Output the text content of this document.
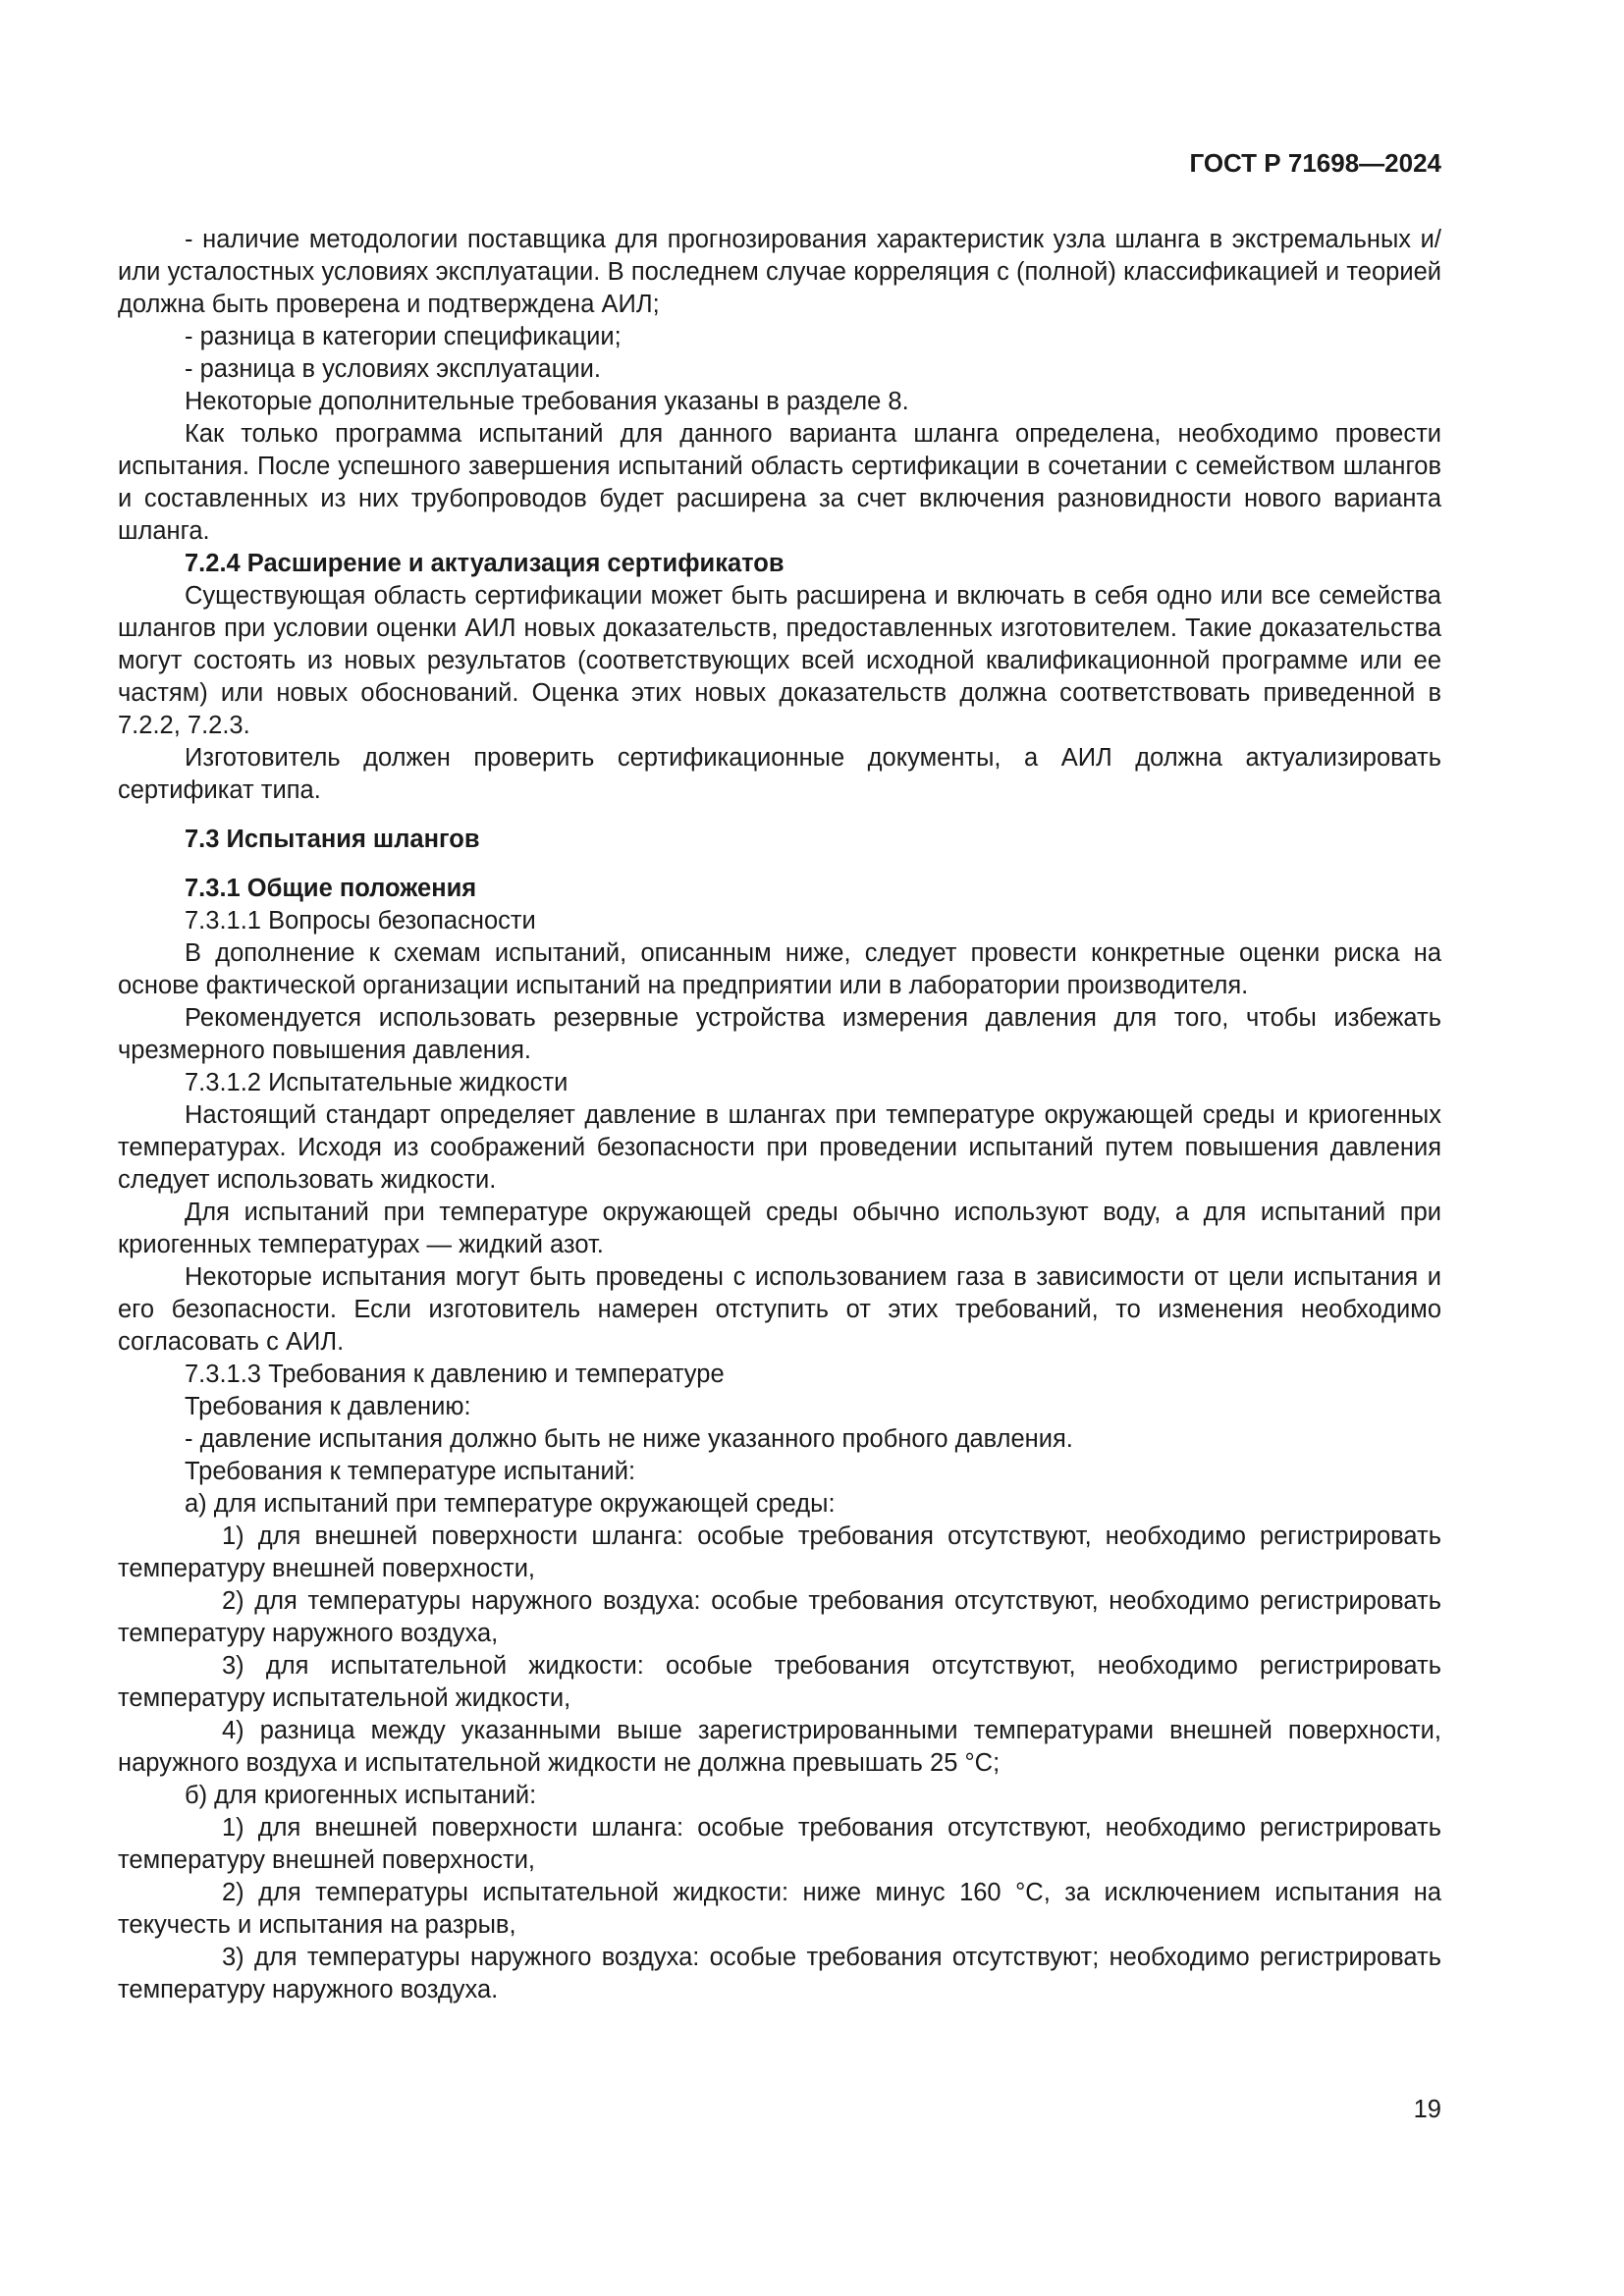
ГОСТ Р 71698—2024

- наличие методологии поставщика для прогнозирования характеристик узла шланга в экстремальных и/или усталостных условиях эксплуатации. В последнем случае корреляция с (полной) классификацией и теорией должна быть проверена и подтверждена АИЛ;

- разница в категории спецификации;

- разница в условиях эксплуатации.

Некоторые дополнительные требования указаны в разделе 8.

Как только программа испытаний для данного варианта шланга определена, необходимо провести испытания. После успешного завершения испытаний область сертификации в сочетании с семейством шлангов и составленных из них трубопроводов будет расширена за счет включения разновидности нового варианта шланга.

7.2.4 Расширение и актуализация сертификатов

Существующая область сертификации может быть расширена и включать в себя одно или все семейства шлангов при условии оценки АИЛ новых доказательств, предоставленных изготовителем. Такие доказательства могут состоять из новых результатов (соответствующих всей исходной квалификационной программе или ее частям) или новых обоснований. Оценка этих новых доказательств должна соответствовать приведенной в 7.2.2, 7.2.3.

Изготовитель должен проверить сертификационные документы, а АИЛ должна актуализировать сертификат типа.

7.3 Испытания шлангов

7.3.1 Общие положения

7.3.1.1 Вопросы безопасности

В дополнение к схемам испытаний, описанным ниже, следует провести конкретные оценки риска на основе фактической организации испытаний на предприятии или в лаборатории производителя.

Рекомендуется использовать резервные устройства измерения давления для того, чтобы избежать чрезмерного повышения давления.

7.3.1.2 Испытательные жидкости

Настоящий стандарт определяет давление в шлангах при температуре окружающей среды и криогенных температурах. Исходя из соображений безопасности при проведении испытаний путем повышения давления следует использовать жидкости.

Для испытаний при температуре окружающей среды обычно используют воду, а для испытаний при криогенных температурах — жидкий азот.

Некоторые испытания могут быть проведены с использованием газа в зависимости от цели испытания и его безопасности. Если изготовитель намерен отступить от этих требований, то изменения необходимо согласовать с АИЛ.

7.3.1.3 Требования к давлению и температуре

Требования к давлению:

- давление испытания должно быть не ниже указанного пробного давления.

Требования к температуре испытаний:

а) для испытаний при температуре окружающей среды:

1) для внешней поверхности шланга: особые требования отсутствуют, необходимо регистрировать температуру внешней поверхности,

2) для температуры наружного воздуха: особые требования отсутствуют, необходимо регистрировать температуру наружного воздуха,

3) для испытательной жидкости: особые требования отсутствуют, необходимо регистрировать температуру испытательной жидкости,

4) разница между указанными выше зарегистрированными температурами внешней поверхности, наружного воздуха и испытательной жидкости не должна превышать 25 °С;

б) для криогенных испытаний:

1) для внешней поверхности шланга: особые требования отсутствуют, необходимо регистрировать температуру внешней поверхности,

2) для температуры испытательной жидкости: ниже минус 160 °С, за исключением испытания на текучесть и испытания на разрыв,

3) для температуры наружного воздуха: особые требования отсутствуют; необходимо регистрировать температуру наружного воздуха.

19
